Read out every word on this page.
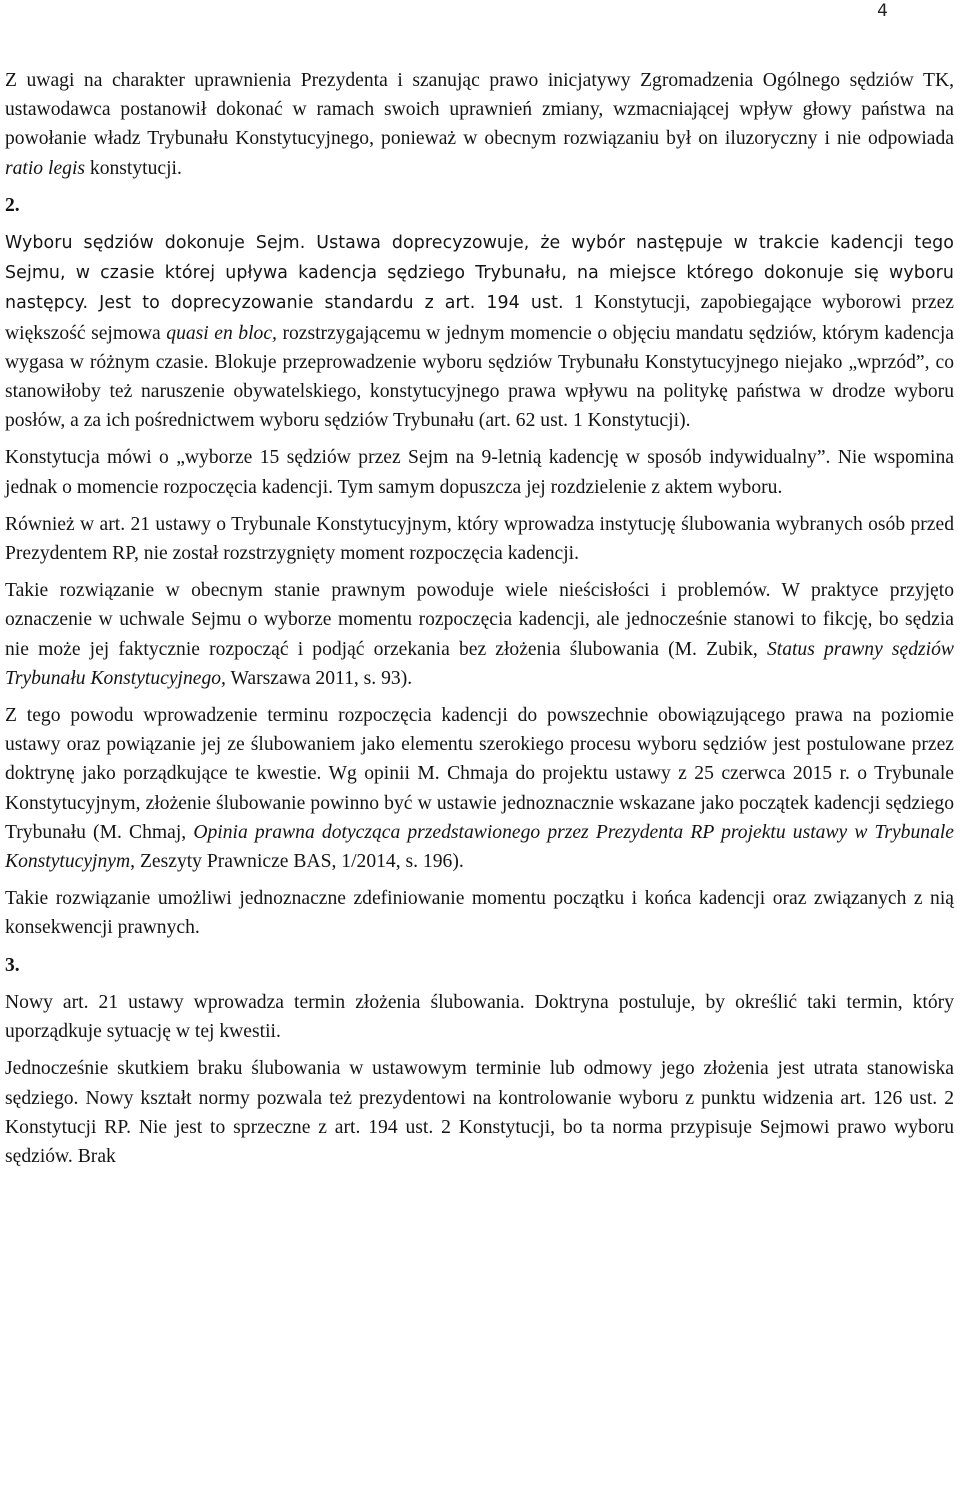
4

Z uwagi na charakter uprawnienia Prezydenta i szanując prawo inicjatywy Zgromadzenia Ogólnego sędziów TK, ustawodawca postanowił dokonać w ramach swoich uprawnień zmiany, wzmacniającej wpływ głowy państwa na powołanie władz Trybunału Konstytucyjnego, ponieważ w obecnym rozwiązaniu był on iluzoryczny i nie odpowiada ratio legis konstytucji.

2.

Wyboru sędziów dokonuje Sejm. Ustawa doprecyzowuje, że wybór następuje w trakcie kadencji tego Sejmu, w czasie której upływa kadencja sędziego Trybunału, na miejsce którego dokonuje się wyboru następcy. Jest to doprecyzowanie standardu z art. 194 ust. 1 Konstytucji, zapobiegające wyborowi przez większość sejmowa quasi en bloc, rozstrzygającemu w jednym momencie o objęciu mandatu sędziów, którym kadencja wygasa w różnym czasie. Blokuje przeprowadzenie wyboru sędziów Trybunału Konstytucyjnego niejako „wprzód”, co stanowiłoby też naruszenie obywatelskiego, konstytucyjnego prawa wpływu na politykę państwa w drodze wyboru posłów, a za ich pośrednictwem wyboru sędziów Trybunału (art. 62 ust. 1 Konstytucji).

Konstytucja mówi o „wyborze 15 sędziów przez Sejm na 9-letnią kadencję w sposób indywidualny”. Nie wspomina jednak o momencie rozpoczęcia kadencji. Tym samym dopuszcza jej rozdzielenie z aktem wyboru.

Również w art. 21 ustawy o Trybunale Konstytucyjnym, który wprowadza instytucję ślubowania wybranych osób przed Prezydentem RP, nie został rozstrzygnięty moment rozpoczęcia kadencji.

Takie rozwiązanie w obecnym stanie prawnym powoduje wiele nieścisłości i problemów. W praktyce przyjęto oznaczenie w uchwale Sejmu o wyborze momentu rozpoczęcia kadencji, ale jednocześnie stanowi to fikcję, bo sędzia nie może jej faktycznie rozpocząć i podjąć orzekania bez złożenia ślubowania (M. Zubik, Status prawny sędziów Trybunału Konstytucyjnego, Warszawa 2011, s. 93).

Z tego powodu wprowadzenie terminu rozpoczęcia kadencji do powszechnie obowiązującego prawa na poziomie ustawy oraz powiązanie jej ze ślubowaniem jako elementu szerokiego procesu wyboru sędziów jest postulowane przez doktrynę jako porządkujące te kwestie. Wg opinii M. Chmaja do projektu ustawy z 25 czerwca 2015 r. o Trybunale Konstytucyjnym, złożenie ślubowanie powinno być w ustawie jednoznacznie wskazane jako początek kadencji sędziego Trybunału (M. Chmaj, Opinia prawna dotycząca przedstawionego przez Prezydenta RP projektu ustawy w Trybunale Konstytucyjnym, Zeszyty Prawnicze BAS, 1/2014, s. 196).

Takie rozwiązanie umożliwi jednoznaczne zdefiniowanie momentu początku i końca kadencji oraz związanych z nią konsekwencji prawnych.

3.

Nowy art. 21 ustawy wprowadza termin złożenia ślubowania. Doktryna postuluje, by określić taki termin, który uporządkuje sytuację w tej kwestii.

Jednocześnie skutkiem braku ślubowania w ustawowym terminie lub odmowy jego złożenia jest utrata stanowiska sędziego. Nowy kształt normy pozwala też prezydentowi na kontrolowanie wyboru z punktu widzenia art. 126 ust. 2 Konstytucji RP. Nie jest to sprzeczne z art. 194 ust. 2 Konstytucji, bo ta norma przypisuje Sejmowi prawo wyboru sędziów. Brak
